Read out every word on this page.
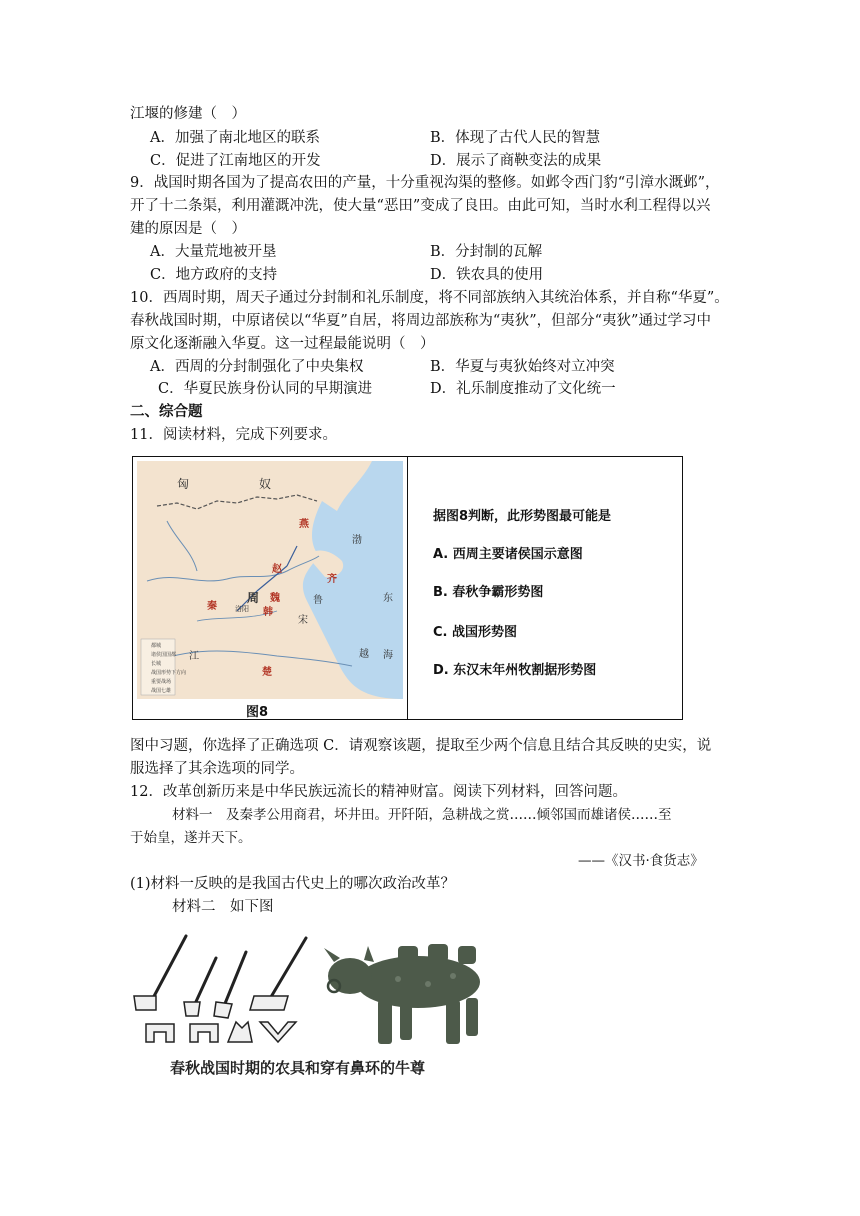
江堰的修建（　）
A．加强了南北地区的联系	B．体现了古代人民的智慧
C．促进了江南地区的开发	D．展示了商鞅变法的成果
9．战国时期各国为了提高农田的产量，十分重视沟渠的整修。如邺令西门豹“引漳水溉邺”，
开了十二条渠，利用灌溉冲洗，使大量“恶田”变成了良田。由此可知，当时水利工程得以兴
建的原因是（　）
A．大量荒地被开垦	B．分封制的瓦解
C．地方政府的支持	D．铁农具的使用
10．西周时期，周天子通过分封制和礼乐制度，将不同部族纳入其统治体系，并自称“华夏”。
春秋战国时期，中原诸侯以“华夏”自居，将周边部族称为“夷狄”，但部分“夷狄”通过学习中
原文化逐渐融入华夏。这一过程最能说明（　）
A．西周的分封制强化了中央集权	B．华夏与夷狄始终对立冲突
C．华夏民族身份认同的早期演进	D．礼乐制度推动了文化统一
二、综合题
11．阅读材料，完成下列要求。
匈	奴
燕
赵
齐
周 魏
韩
秦
鲁
宋
楚
越
洛阳
渤
东
海
江
都城
诸侯国国都
长城
战国形势下方向
重要战场
战国七雄
图8
据图8判断，此形势图最可能是
A. 西周主要诸侯国示意图
B. 春秋争霸形势图
C. 战国形势图
D. 东汉末年州牧割据形势图
图中习题，你选择了正确选项 C．请观察该题，提取至少两个信息且结合其反映的史实，说
服选择了其余选项的同学。
12．改革创新历来是中华民族远流长的精神财富。阅读下列材料，回答问题。
材料一　及秦孝公用商君，坏井田。开阡陌，急耕战之赏……倾邻国而雄诸侯……至
于始皇，遂并天下。
——《汉书·食货志》
(1)材料一反映的是我国古代史上的哪次政治改革？
材料二　如下图
春秋战国时期的农具和穿有鼻环的牛尊
